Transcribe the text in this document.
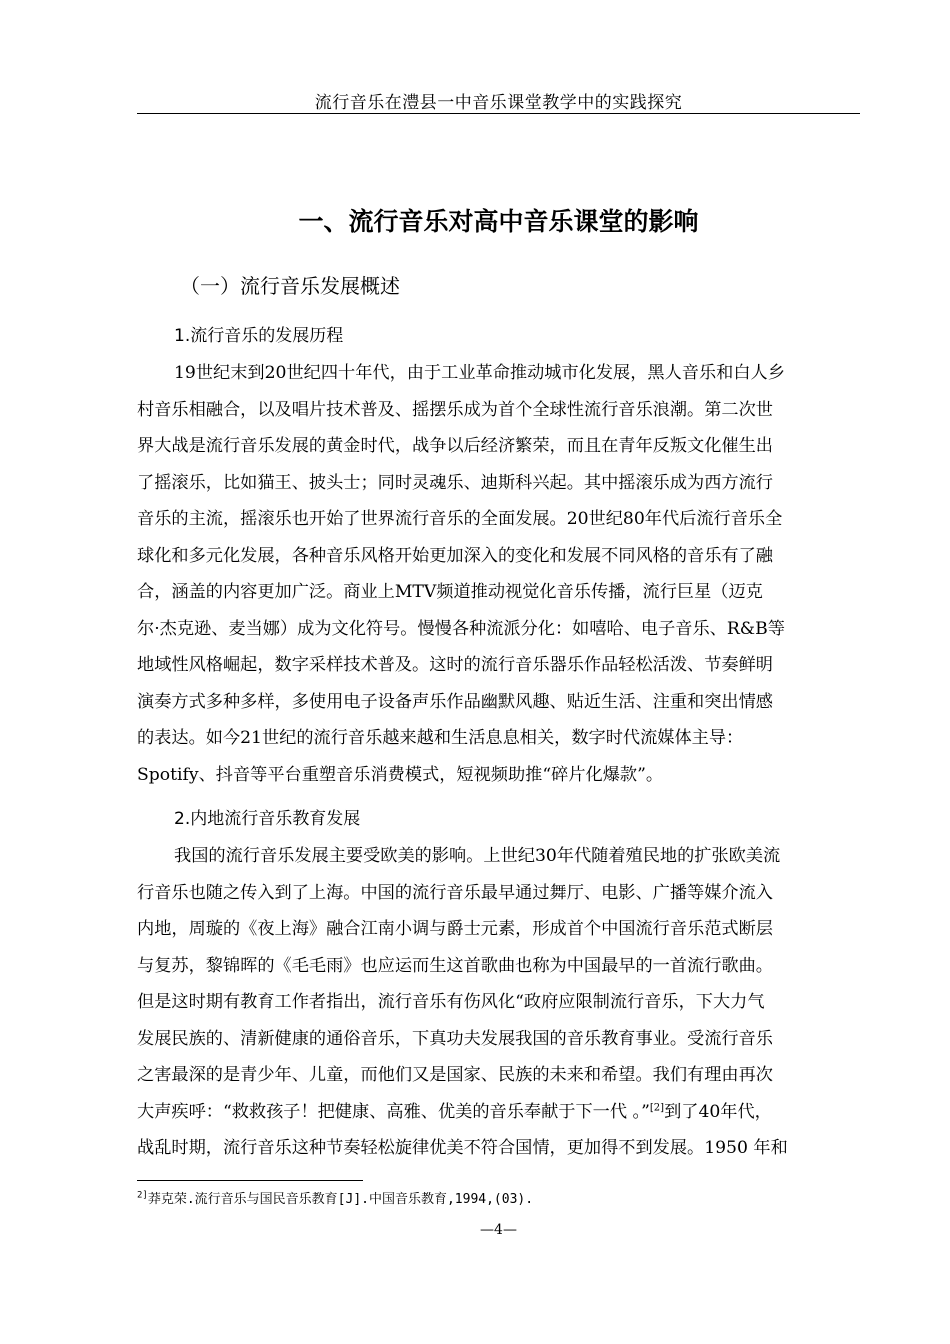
流行音乐在澧县一中音乐课堂教学中的实践探究
一、流行音乐对高中音乐课堂的影响
（一）流行音乐发展概述
1.流行音乐的发展历程
19世纪末到20世纪四十年代，由于工业革命推动城市化发展，黑人音乐和白人乡
村音乐相融合，以及唱片技术普及、摇摆乐成为首个全球性流行音乐浪潮。第二次世
界大战是流行音乐发展的黄金时代，战争以后经济繁荣，而且在青年反叛文化催生出
了摇滚乐，比如猫王、披头士；同时灵魂乐、迪斯科兴起。其中摇滚乐成为西方流行
音乐的主流，摇滚乐也开始了世界流行音乐的全面发展。20世纪80年代后流行音乐全
球化和多元化发展，各种音乐风格开始更加深入的变化和发展不同风格的音乐有了融
合，涵盖的内容更加广泛。商业上MTV频道推动视觉化音乐传播，流行巨星（迈克
尔·杰克逊、麦当娜）成为文化符号。慢慢各种流派分化：如嘻哈、电子音乐、R&B等
地域性风格崛起，数字采样技术普及。这时的流行音乐器乐作品轻松活泼、节奏鲜明
演奏方式多种多样，多使用电子设备声乐作品幽默风趣、贴近生活、注重和突出情感
的表达。如今21世纪的流行音乐越来越和生活息息相关，数字时代流媒体主导：
Spotify、抖音等平台重塑音乐消费模式，短视频助推“碎片化爆款”。
2.内地流行音乐教育发展
我国的流行音乐发展主要受欧美的影响。上世纪30年代随着殖民地的扩张欧美流
行音乐也随之传入到了上海。中国的流行音乐最早通过舞厅、电影、广播等媒介流入
内地，周璇的《夜上海》融合江南小调与爵士元素，形成首个中国流行音乐范式断层
与复苏，黎锦晖的《毛毛雨》也应运而生这首歌曲也称为中国最早的一首流行歌曲。
但是这时期有教育工作者指出，流行音乐有伤风化“政府应限制流行音乐，下大力气
发展民族的、清新健康的通俗音乐，下真功夫发展我国的音乐教育事业。受流行音乐
之害最深的是青少年、儿童，而他们又是国家、民族的未来和希望。我们有理由再次
大声疾呼：“救救孩子！把健康、高雅、优美的音乐奉献于下一代 。”[2]到了40年代，
战乱时期，流行音乐这种节奏轻松旋律优美不符合国情，更加得不到发展。1950 年和
$^{2]}$莽克荣.流行音乐与国民音乐教育[J].中国音乐教育,1994,(03).
—4—
